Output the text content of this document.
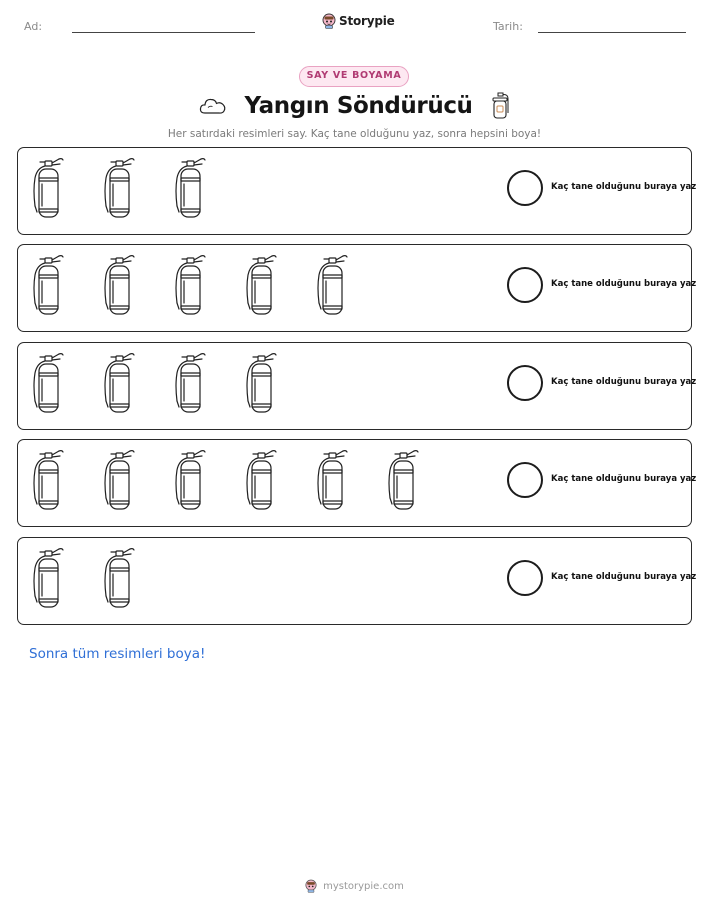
Ad:	Storypie	Tarih:
SAY VE BOYAMA
Yangın Söndürücü
Her satırdaki resimleri say. Kaç tane olduğunu yaz, sonra hepsini boya!
Kaç tane olduğunu buraya yaz
Kaç tane olduğunu buraya yaz
Kaç tane olduğunu buraya yaz
Kaç tane olduğunu buraya yaz
Kaç tane olduğunu buraya yaz
Sonra tüm resimleri boya!
mystorypie.com
